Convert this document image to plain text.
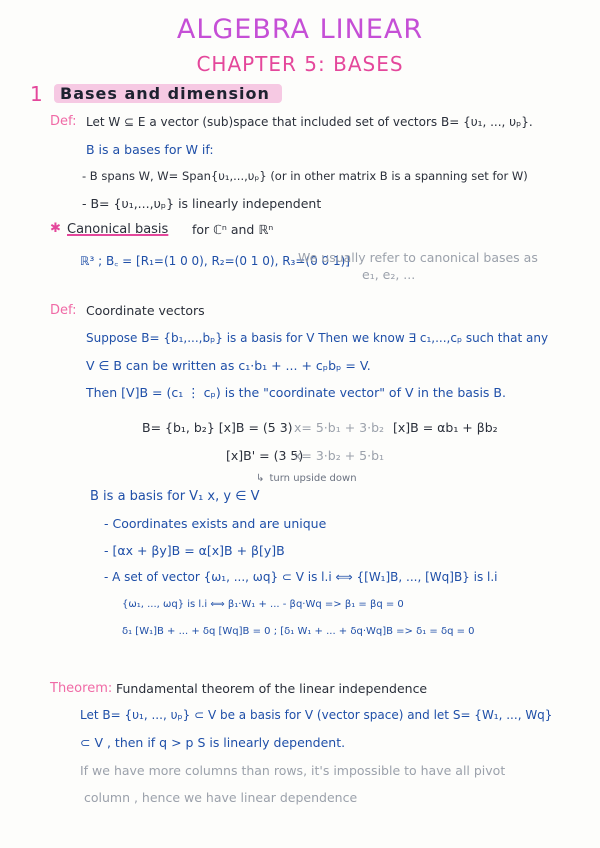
ALGEBRA LINEAR
CHAPTER 5: BASES
1	Bases and dimension
Def: Let W ⊆ E a vector (sub)space that included set of vectors B= {υ₁, ..., υₚ}.
B is a bases for W if:
- B spans W, W= Span{υ₁,...,υₚ} (or in other matrix B is a spanning set for W)
- B= {υ₁,...,υₚ} is linearly independent
✱ Canonical basis for ℂⁿ and ℝⁿ
ℝ³ ; B꜀ = [R₁=(1 0 0), R₂=(0 1 0), R₃=(0 0 1)]
We usually refer to canonical bases as
e₁, e₂, ...
Def: Coordinate vectors
Suppose B= {b₁,...,bₚ} is a basis for V Then we know ∃ c₁,...,cₚ such that any
V ∈ B can be written as c₁·b₁ + ... + cₚbₚ = V.
Then [V]B = (c₁ ⋮ cₚ) is the "coordinate vector" of V in the basis B.
B= {b₁, b₂} [x]B = (5 3) x= 5·b₁ + 3·b₂ [x]B = αb₁ + βb₂
[x]B' = (3 5)
x= 3·b₂ + 5·b₁
↳ turn upside down
B is a basis for V₁ x, y ∈ V
- Coordinates exists and are unique
- [αx + βy]B = α[x]B + β[y]B
- A set of vector {ω₁, ..., ωq} ⊂ V is l.i ⟺ {[W₁]B, ..., [Wq]B} is l.i
{ω₁, ..., ωq} is l.i ⟺ β₁·W₁ + ... - βq·Wq => β₁ = βq = 0
δ₁ [W₁]B + ... + δq [Wq]B = 0 ; [δ₁ W₁ + ... + δq·Wq]B => δ₁ = δq = 0
Theorem: Fundamental theorem of the linear independence
Let B= {υ₁, ..., υₚ} ⊂ V be a basis for V (vector space) and let S= {W₁, ..., Wq}
⊂ V , then if q > p S is linearly dependent.
If we have more columns than rows, it's impossible to have all pivot
column , hence we have linear dependence
